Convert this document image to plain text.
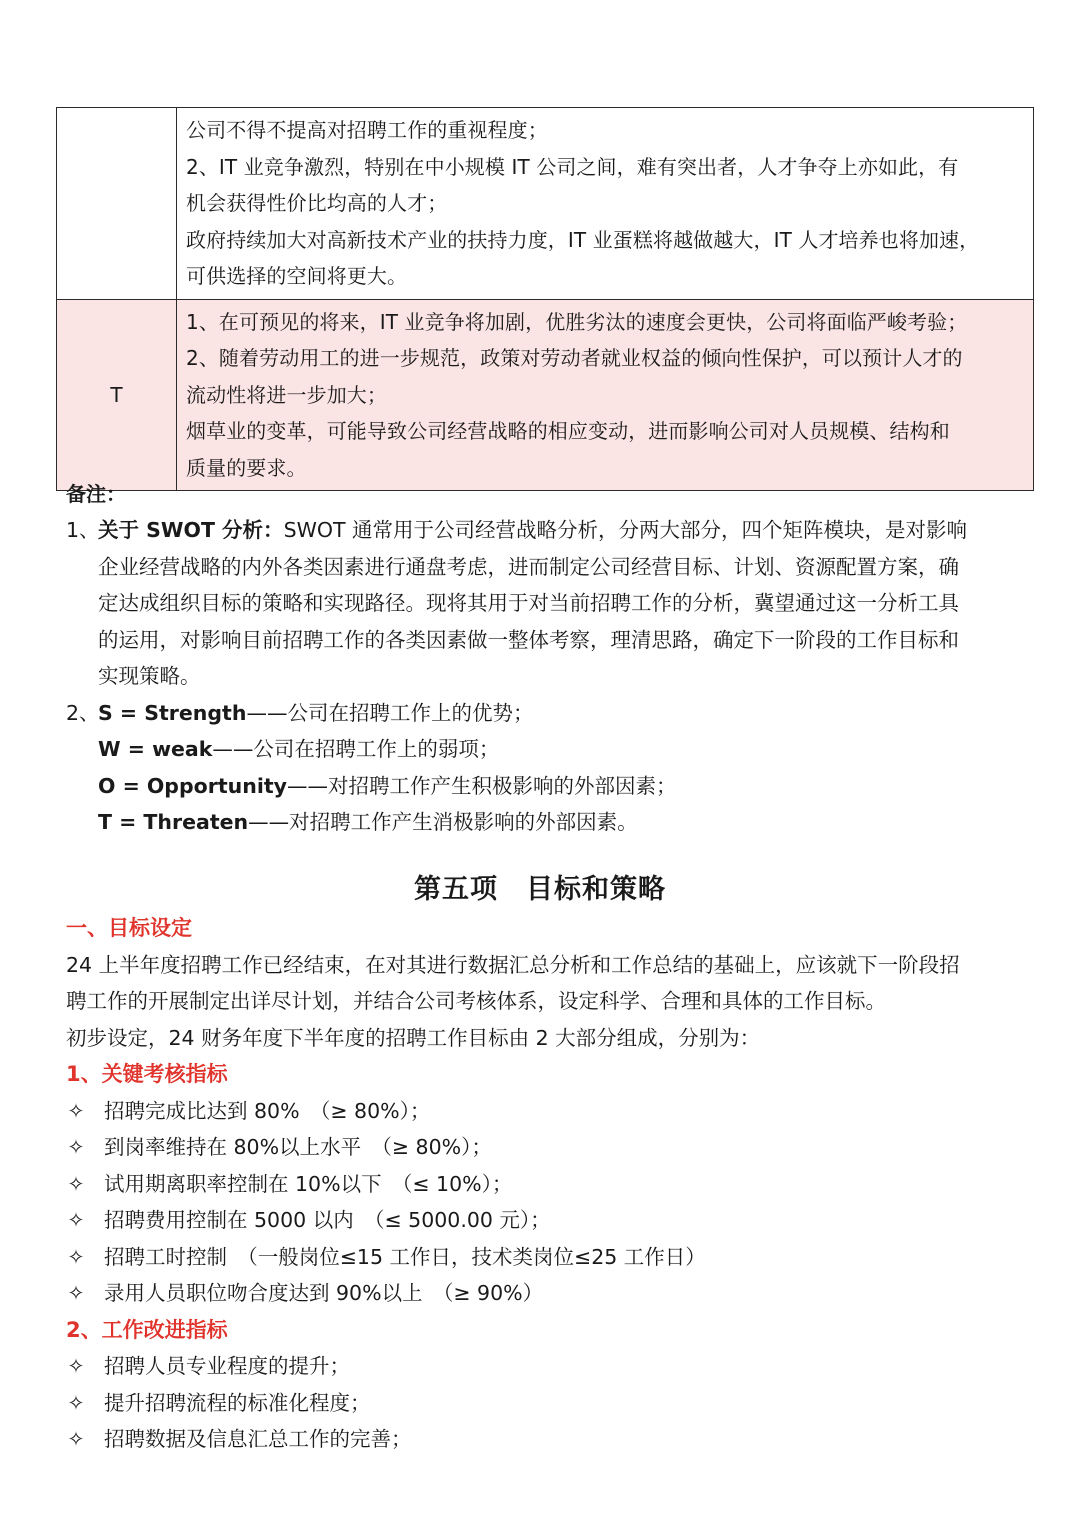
	公司不得不提高对招聘工作的重视程度；
2、IT 业竞争激烈，特别在中小规模 IT 公司之间，难有突出者，人才争夺上亦如此，有
机会获得性价比均高的人才；
政府持续加大对高新技术产业的扶持力度，IT 业蛋糕将越做越大，IT 人才培养也将加速，
可供选择的空间将更大。

T	1、在可预见的将来，IT 业竞争将加剧，优胜劣汰的速度会更快，公司将面临严峻考验；
2、随着劳动用工的进一步规范，政策对劳动者就业权益的倾向性保护，可以预计人才的
流动性将进一步加大；
烟草业的变革，可能导致公司经营战略的相应变动，进而影响公司对人员规模、结构和
质量的要求。
备注：
1、
关于 SWOT 分析：SWOT 通常用于公司经营战略分析，分两大部分，四个矩阵模块，是对影响
企业经营战略的内外各类因素进行通盘考虑，进而制定公司经营目标、计划、资源配置方案，确
定达成组织目标的策略和实现路径。现将其用于对当前招聘工作的分析，冀望通过这一分析工具
的运用，对影响目前招聘工作的各类因素做一整体考察，理清思路，确定下一阶段的工作目标和
实现策略。
2、
S = Strength——公司在招聘工作上的优势；
W = weak——公司在招聘工作上的弱项；
O = Opportunity——对招聘工作产生积极影响的外部因素；
T = Threaten——对招聘工作产生消极影响的外部因素。
第五项　目标和策略
一、目标设定
24 上半年度招聘工作已经结束，在对其进行数据汇总分析和工作总结的基础上，应该就下一阶段招
聘工作的开展制定出详尽计划，并结合公司考核体系，设定科学、合理和具体的工作目标。
初步设定，24 财务年度下半年度的招聘工作目标由 2 大部分组成，分别为：
1、关键考核指标
✧ 招聘完成比达到 80%　（≥ 80%）；
✧ 到岗率维持在 80%以上水平　（≥ 80%）；
✧ 试用期离职率控制在 10%以下　（≤ 10%）；
✧ 招聘费用控制在 5000 以内　（≤ 5000.00 元）；
✧ 招聘工时控制　（一般岗位≤15 工作日，技术类岗位≤25 工作日）
✧ 录用人员职位吻合度达到 90%以上　（≥ 90%）
2、工作改进指标
✧ 招聘人员专业程度的提升；
✧ 提升招聘流程的标准化程度；
✧ 招聘数据及信息汇总工作的完善；
